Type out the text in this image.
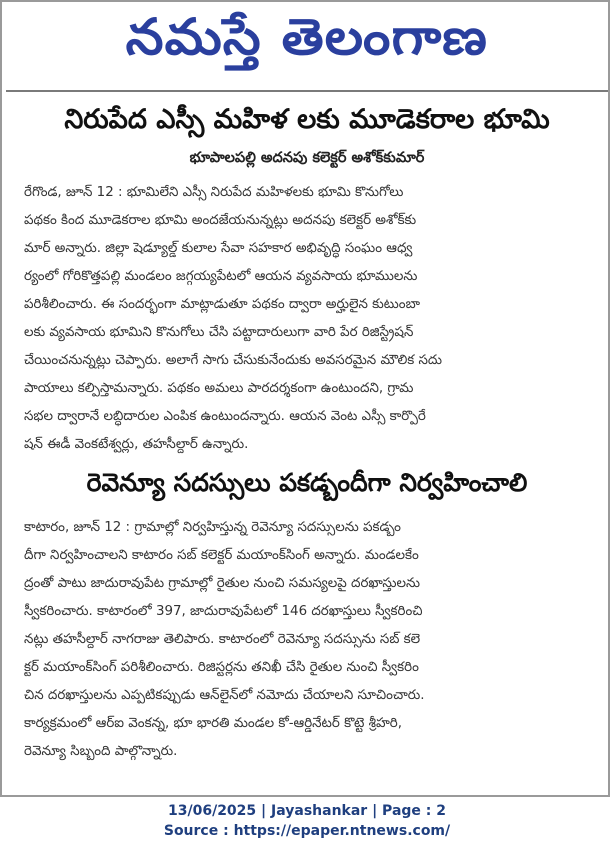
నమస్తే తెలంగాణ
నిరుపేద ఎస్సీ మహిళ లకు మూడెకరాల భూమి
భూపాలపల్లి అదనపు కలెక్టర్ అశోక్‌కుమార్
రేగొండ, జూన్ 12 : భూమిలేని ఎస్సీ నిరుపేద మహిళలకు భూమి కొనుగోలు
పథకం కింద మూడెకరాల భూమి అందజేయనున్నట్లు అదనపు కలెక్టర్ అశోక్‌కు
మార్ అన్నారు. జిల్లా షెడ్యూల్డ్ కులాల సేవా సహకార అభివృద్ధి సంఘం ఆధ్వ
ర్యంలో గోరికొత్తపల్లి మండలం జగ్గయ్యపేటలో ఆయన వ్యవసాయ భూములను
పరిశీలించారు. ఈ సందర్భంగా మాట్లాడుతూ పథకం ద్వారా అర్హులైన కుటుంబా
లకు వ్యవసాయ భూమిని కొనుగోలు చేసి పట్టాదారులుగా వారి పేర రిజిస్ట్రేషన్
చేయించనున్నట్లు చెప్పారు. అలాగే సాగు చేసుకునేందుకు అవసరమైన మౌలిక సదు
పాయాలు కల్పిస్తామన్నారు. పథకం అమలు పారదర్శకంగా ఉంటుందని, గ్రామ
సభల ద్వారానే లబ్ధిదారుల ఎంపిక ఉంటుందన్నారు. ఆయన వెంట ఎస్సీ కార్పొరే
షన్ ఈడీ వెంకటేశ్వర్లు, తహసీల్దార్ ఉన్నారు.
రెవెన్యూ సదస్సులు పకడ్బందీగా నిర్వహించాలి
కాటారం, జూన్ 12 : గ్రామాల్లో నిర్వహిస్తున్న రెవెన్యూ సదస్సులను పకడ్బం
దీగా నిర్వహించాలని కాటారం సబ్ కలెక్టర్ మయాంక్‌సింగ్ అన్నారు. మండలకేం
ద్రంతో పాటు జాదురావుపేట గ్రామాల్లో రైతుల నుంచి సమస్యలపై దరఖాస్తులను
స్వీకరించారు. కాటారంలో 397, జాదురావుపేటలో 146 దరఖాస్తులు స్వీకరించి
నట్లు తహసీల్దార్ నాగరాజు తెలిపారు. కాటారంలో రెవెన్యూ సదస్సును సబ్ కలె
క్టర్ మయాంక్‌సింగ్ పరిశీలించారు. రిజిస్టర్లను తనిఖీ చేసి రైతుల నుంచి స్వీకరిం
చిన దరఖాస్తులను ఎప్పటికప్పుడు ఆన్‌లైన్‌లో నమోదు చేయాలని సూచించారు.
కార్యక్రమంలో ఆర్ఐ వెంకన్న, భూ భారతి మండల కో-ఆర్డినేటర్ కొట్టె శ్రీహరి,
రెవెన్యూ సిబ్బంది పాల్గొన్నారు.
13/06/2025 | Jayashankar | Page : 2
Source : https://epaper.ntnews.com/
